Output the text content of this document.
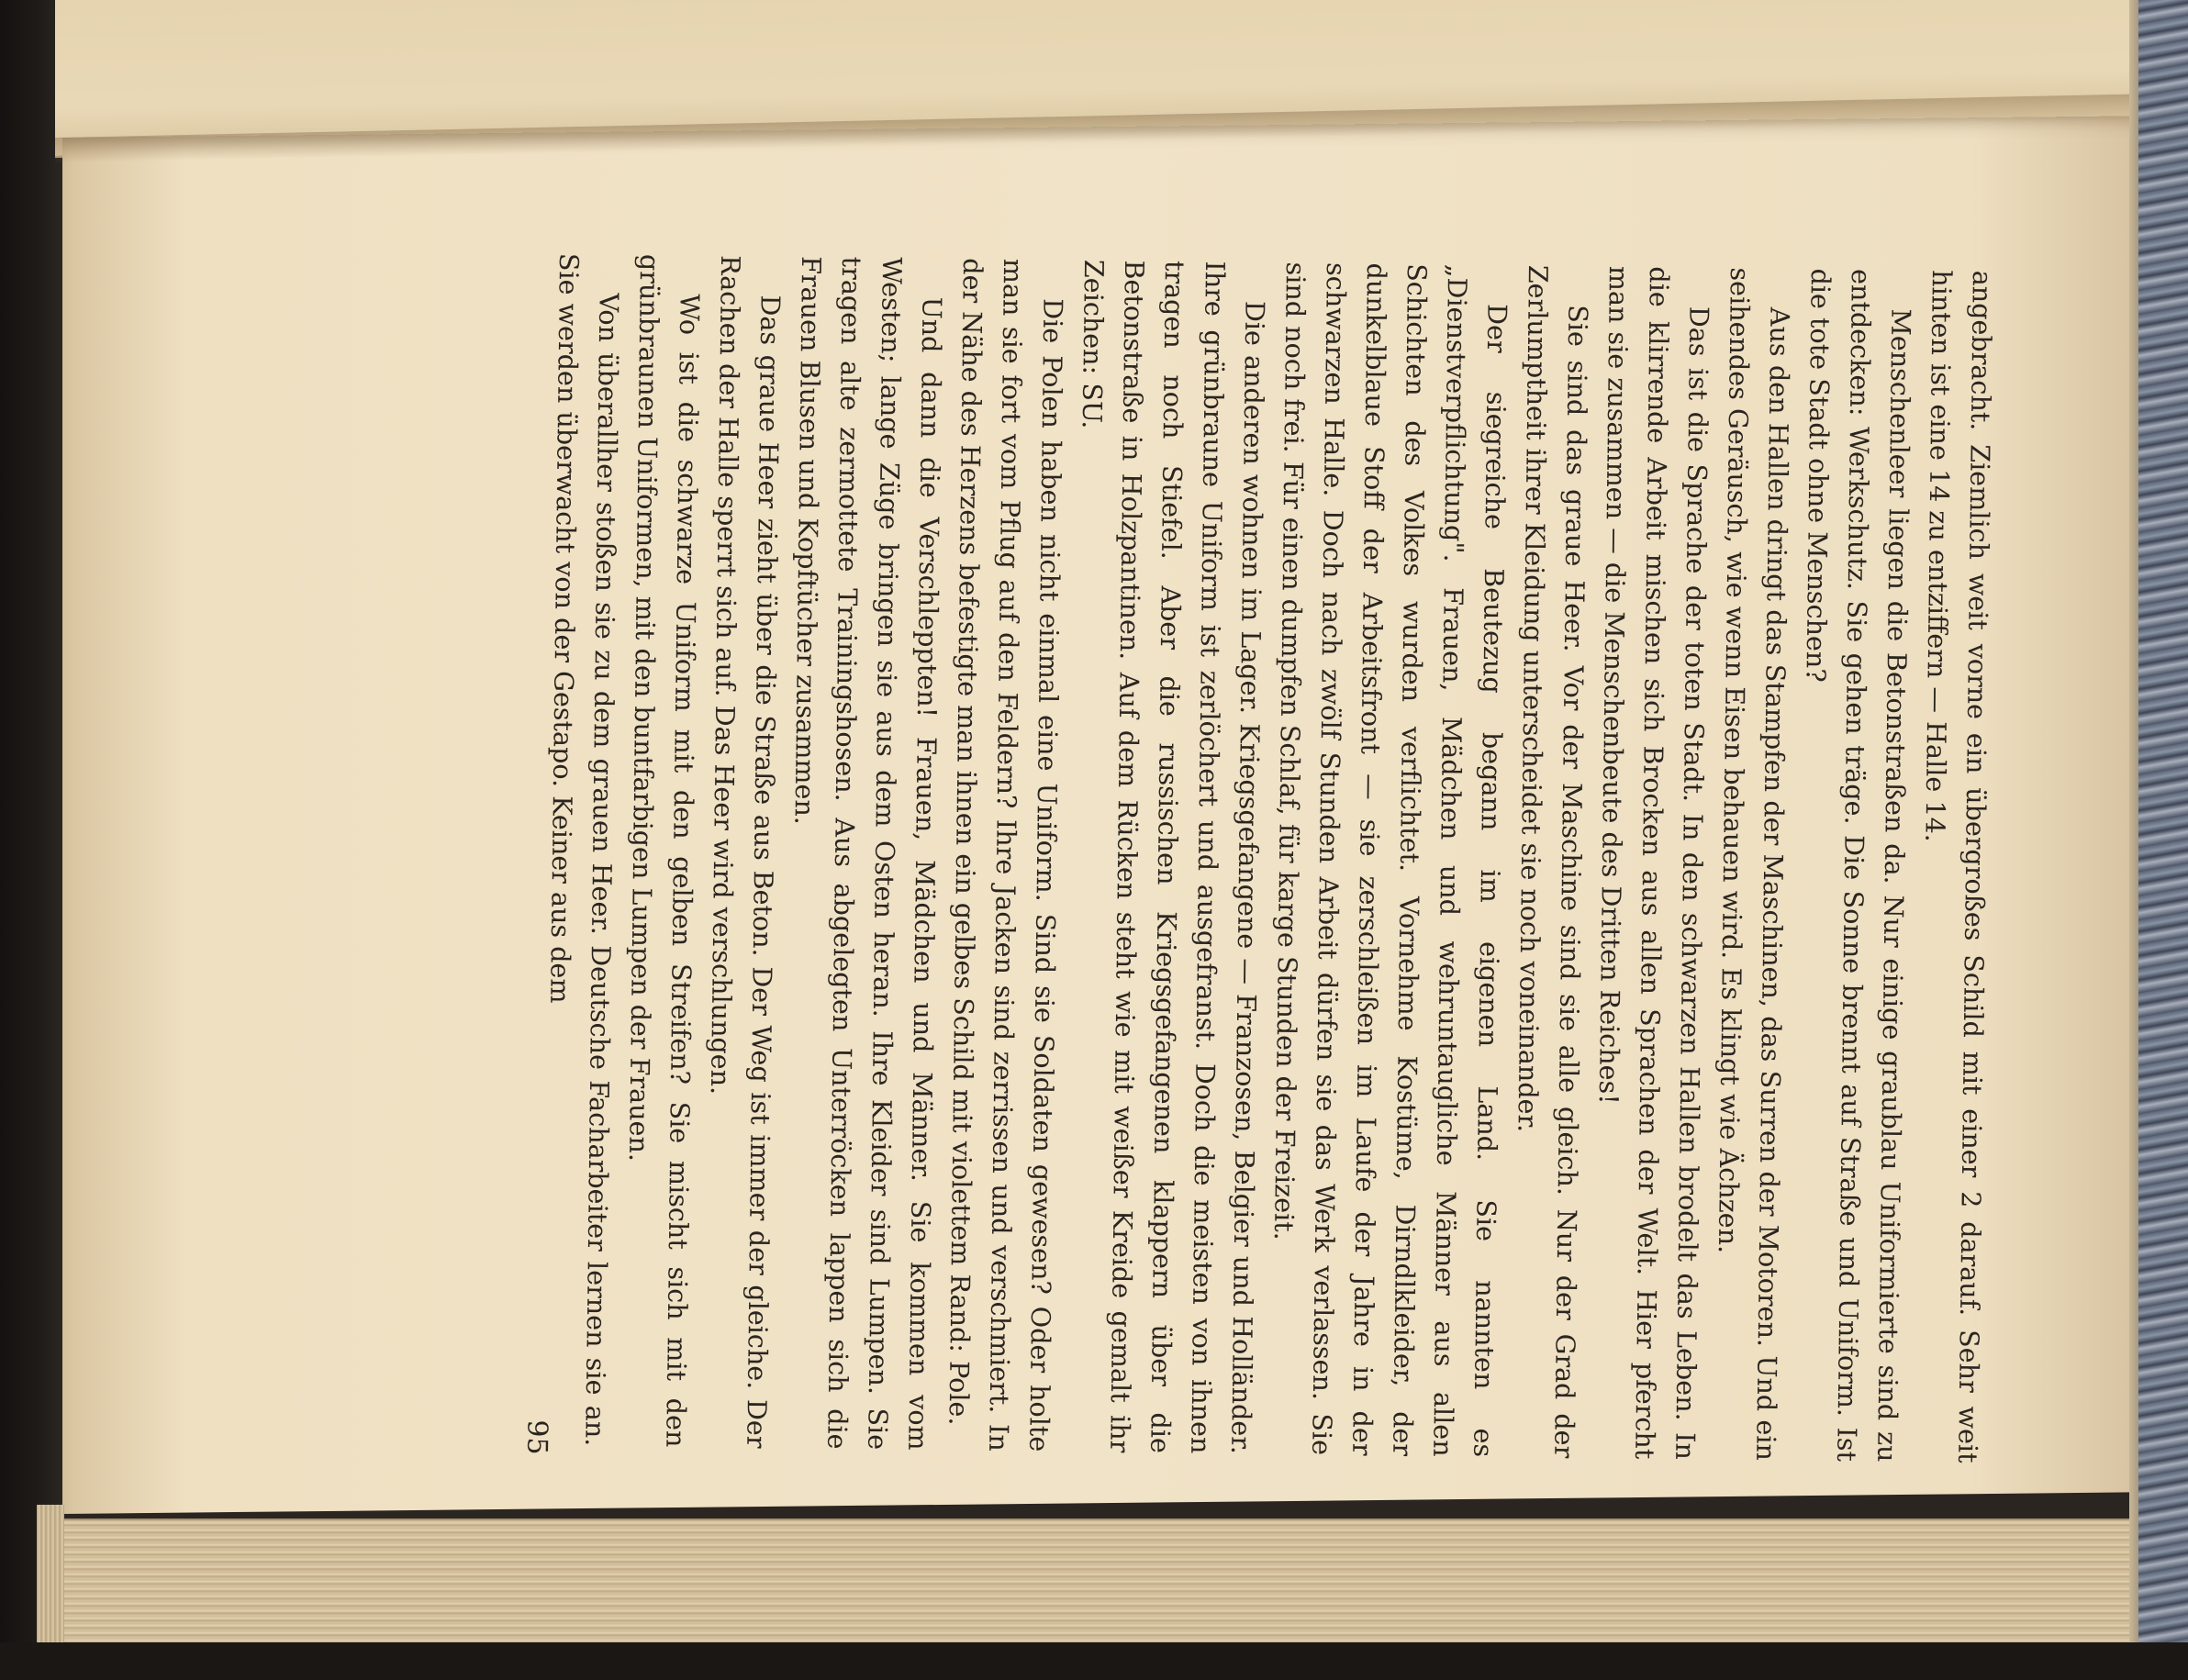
angebracht. Ziemlich weit vorne ein übergroßes Schild mit einer 2 darauf. Sehr weit hinten ist eine 14 zu entziffern — Halle 14.

Menschenleer liegen die Betonstraßen da. Nur einige graublau Uniformierte sind zu entdecken: Werkschutz. Sie gehen träge. Die Sonne brennt auf Straße und Uniform. Ist die tote Stadt ohne Menschen?

Aus den Hallen dringt das Stampfen der Maschinen, das Surren der Motoren. Und ein seihendes Geräusch, wie wenn Eisen behauen wird. Es klingt wie Ächzen.

Das ist die Sprache der toten Stadt. In den schwarzen Hallen brodelt das Leben. In die klirrende Arbeit mischen sich Brocken aus allen Sprachen der Welt. Hier pfercht man sie zusammen — die Menschenbeute des Dritten Reiches!

Sie sind das graue Heer. Vor der Maschine sind sie alle gleich. Nur der Grad der Zerlumptheit ihrer Kleidung unterscheidet sie noch voneinander.

Der siegreiche Beutezug begann im eigenen Land. Sie nannten es „Dienstverpflichtung". Frauen, Mädchen und wehruntaugliche Männer aus allen Schichten des Volkes wurden verflichtet. Vornehme Kostüme, Dirndlkleider, der dunkelblaue Stoff der Arbeitsfront — sie zerschleißen im Laufe der Jahre in der schwarzen Halle. Doch nach zwölf Stunden Arbeit dürfen sie das Werk verlassen. Sie sind noch frei. Für einen dumpfen Schlaf, für karge Stunden der Freizeit.

Die anderen wohnen im Lager. Kriegsgefangene — Franzosen, Belgier und Holländer. Ihre grünbraune Uniform ist zerlöchert und ausgefranst. Doch die meisten von ihnen tragen noch Stiefel. Aber die russischen Kriegsgefangenen klappern über die Betonstraße in Holzpantinen. Auf dem Rücken steht wie mit weißer Kreide gemalt ihr Zeichen: SU.

Die Polen haben nicht einmal eine Uniform. Sind sie Soldaten gewesen? Oder holte man sie fort vom Pflug auf den Feldern? Ihre Jacken sind zerrissen und verschmiert. In der Nähe des Herzens befestigte man ihnen ein gelbes Schild mit violettem Rand: Pole.

Und dann die Verschleppten! Frauen, Mädchen und Männer. Sie kommen vom Westen; lange Züge bringen sie aus dem Osten heran. Ihre Kleider sind Lumpen. Sie tragen alte zermottete Trainingshosen. Aus abgelegten Unterröcken lappen sich die Frauen Blusen und Kopftücher zusammen.

Das graue Heer zieht über die Straße aus Beton. Der Weg ist immer der gleiche. Der Rachen der Halle sperrt sich auf. Das Heer wird verschlungen.

Wo ist die schwarze Uniform mit den gelben Streifen? Sie mischt sich mit den grünbraunen Uniformen, mit den buntfarbigen Lumpen der Frauen.

Von überallher stoßen sie zu dem grauen Heer. Deutsche Facharbeiter lernen sie an. Sie werden überwacht von der Gestapo. Keiner aus dem

95
